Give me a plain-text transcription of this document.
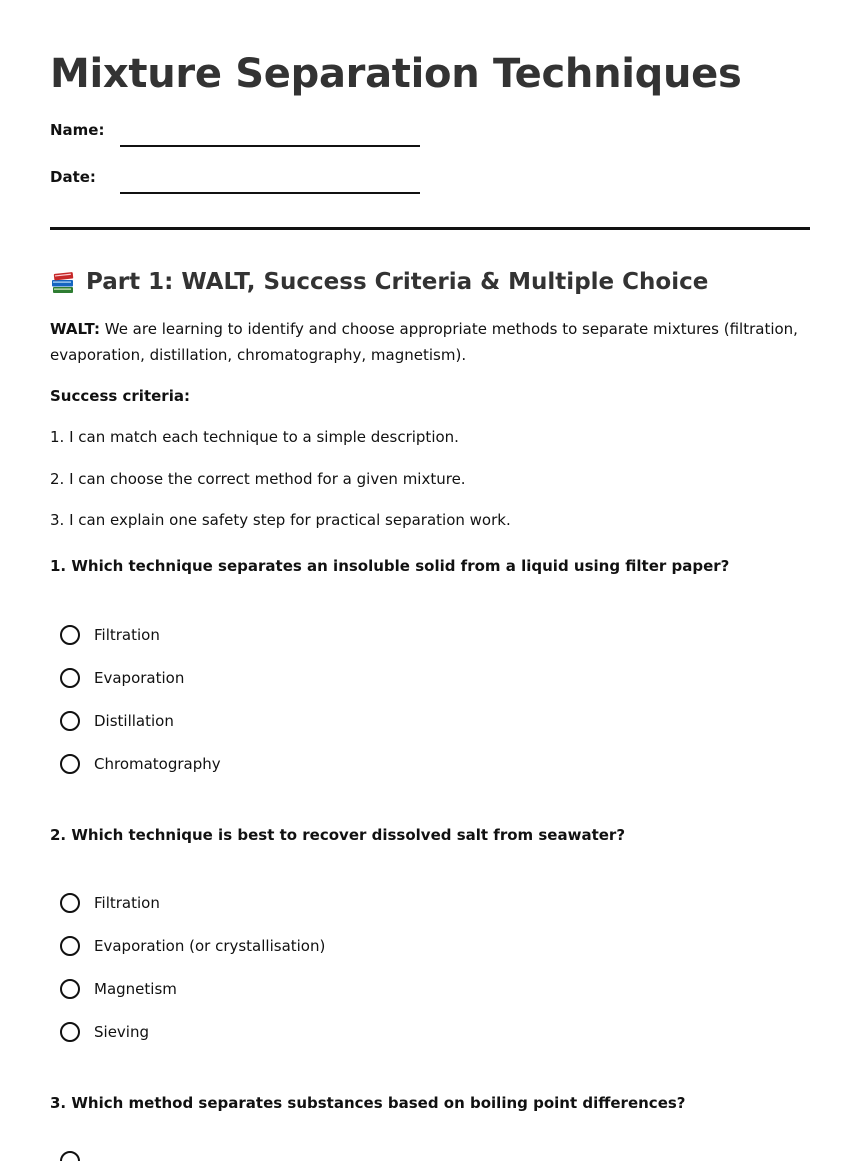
Mixture Separation Techniques
Name:
Date:
Part 1: WALT, Success Criteria & Multiple Choice

WALT: We are learning to identify and choose appropriate methods to separate mixtures (filtration, evaporation, distillation, chromatography, magnetism).

Success criteria:
1. I can match each technique to a simple description.
2. I can choose the correct method for a given mixture.
3. I can explain one safety step for practical separation work.
1. Which technique separates an insoluble solid from a liquid using filter paper?
Filtration
Evaporation
Distillation
Chromatography
2. Which technique is best to recover dissolved salt from seawater?
Filtration
Evaporation (or crystallisation)
Magnetism
Sieving
3. Which method separates substances based on boiling point differences?
